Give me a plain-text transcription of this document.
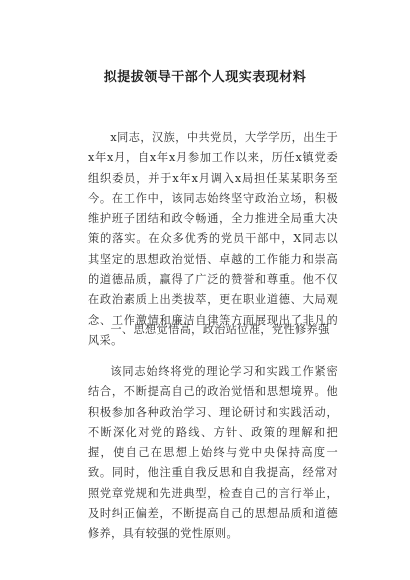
拟提拔领导干部个人现实表现材料

x同志，汉族，中共党员，大学学历，出生于x年x月，自x年x月参加工作以来，历任x镇党委组织委员，并于x年x月调入x局担任某某职务至今。在工作中，该同志始终坚守政治立场，积极维护班子团结和政令畅通，全力推进全局重大决策的落实。在众多优秀的党员干部中，X同志以其坚定的思想政治觉悟、卓越的工作能力和崇高的道德品质，赢得了广泛的赞誉和尊重。他不仅在政治素质上出类拔萃，更在职业道德、大局观念、工作激情和廉洁自律等方面展现出了非凡的风采。

一、思想觉悟高，政治站位准，党性修养强

该同志始终将党的理论学习和实践工作紧密结合，不断提高自己的政治觉悟和思想境界。他积极参加各种政治学习、理论研讨和实践活动，不断深化对党的路线、方针、政策的理解和把握，使自己在思想上始终与党中央保持高度一致。同时，他注重自我反思和自我提高，经常对照党章党规和先进典型，检查自己的言行举止，及时纠正偏差，不断提高自己的思想品质和道德修养，具有较强的党性原则。
